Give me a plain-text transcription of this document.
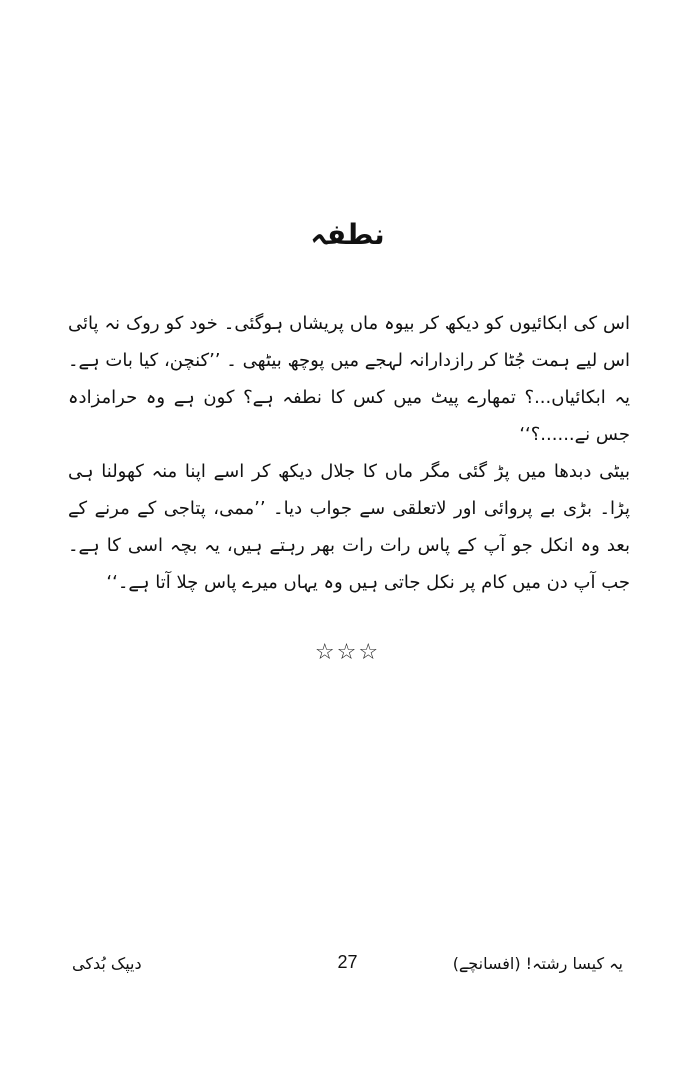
نطفہ

اس کی ابکائیوں کو دیکھ کر بیوہ ماں پریشاں ہوگئی۔ خود کو روک نہ پائی اس لیے ہمت جُٹا کر رازدارانہ لہجے میں پوچھ بیٹھی ۔ ’’کنچن، کیا بات ہے۔ یہ ابکائیاں...؟ تمھارے پیٹ میں کس کا نطفہ ہے؟ کون ہے وہ حرامزادہ جس نے......؟‘‘

بیٹی دبدھا میں پڑ گئی مگر ماں کا جلال دیکھ کر اسے اپنا منہ کھولنا ہی پڑا۔ بڑی بے پروائی اور لاتعلقی سے جواب دیا۔ ’’ممی، پتاجی کے مرنے کے بعد وہ انکل جو آپ کے پاس رات رات بھر رہتے ہیں، یہ بچہ اسی کا ہے۔ جب آپ دن میں کام پر نکل جاتی ہیں وہ یہاں میرے پاس چلا آتا ہے۔‘‘

☆☆☆
دیپک بُدکی	27	یہ کیسا رشتہ! (افسانچے)
